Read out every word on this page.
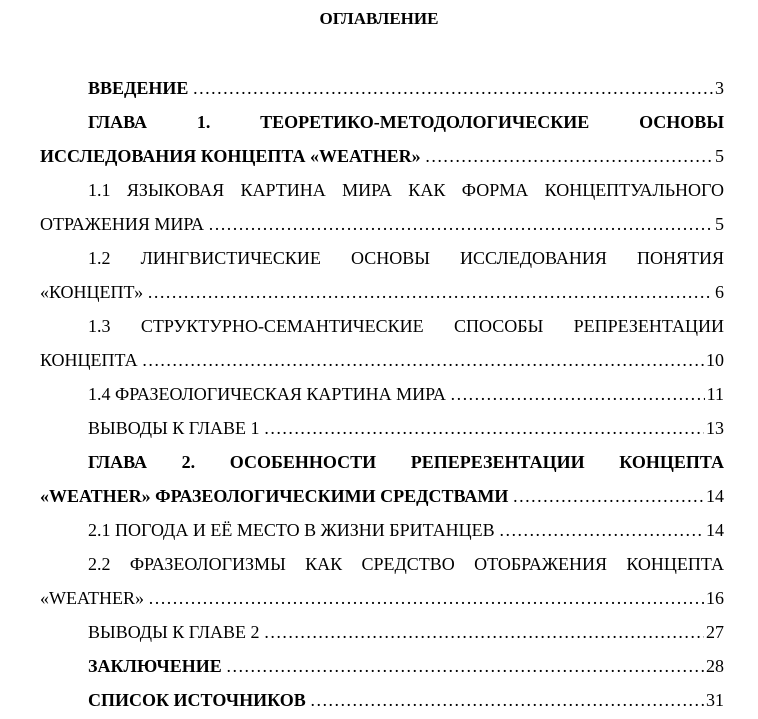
ОГЛАВЛЕНИЕ
ВВЕДЕНИЕ ……………………………………………………………………………………………………………………………………………	3
ГЛАВА 1. ТЕОРЕТИКО-МЕТОДОЛОГИЧЕСКИЕ ОСНОВЫ
ИССЛЕДОВАНИЯ КОНЦЕПТА «WEATHER» ……………………………………………………………………………………………………………………………………………	5
1.1 ЯЗЫКОВАЯ КАРТИНА МИРА КАК ФОРМА КОНЦЕПТУАЛЬНОГО
ОТРАЖЕНИЯ МИРА ……………………………………………………………………………………………………………………………………………	5
1.2 ЛИНГВИСТИЧЕСКИЕ ОСНОВЫ ИССЛЕДОВАНИЯ ПОНЯТИЯ
«КОНЦЕПТ» ……………………………………………………………………………………………………………………………………………	6
1.3 СТРУКТУРНО-СЕМАНТИЧЕСКИЕ СПОСОБЫ РЕПРЕЗЕНТАЦИИ
КОНЦЕПТА ……………………………………………………………………………………………………………………………………………	10
1.4 ФРАЗЕОЛОГИЧЕСКАЯ КАРТИНА МИРА ……………………………………………………………………………………………………………………………………………	11
ВЫВОДЫ К ГЛАВЕ 1 ……………………………………………………………………………………………………………………………………………	13
ГЛАВА 2. ОСОБЕННОСТИ РЕПЕРЕЗЕНТАЦИИ КОНЦЕПТА
«WEATHER» ФРАЗЕОЛОГИЧЕСКИМИ СРЕДСТВАМИ ……………………………………………………………………………………………………………………………………………	14
2.1 ПОГОДА И ЕЁ МЕСТО В ЖИЗНИ БРИТАНЦЕВ ……………………………………………………………………………………………………………………………………………	14
2.2 ФРАЗЕОЛОГИЗМЫ КАК СРЕДСТВО ОТОБРАЖЕНИЯ КОНЦЕПТА
«WEATHER» ……………………………………………………………………………………………………………………………………………	16
ВЫВОДЫ К ГЛАВЕ 2 ……………………………………………………………………………………………………………………………………………	27
ЗАКЛЮЧЕНИЕ ……………………………………………………………………………………………………………………………………………	28
СПИСОК ИСТОЧНИКОВ ……………………………………………………………………………………………………………………………………………	31
